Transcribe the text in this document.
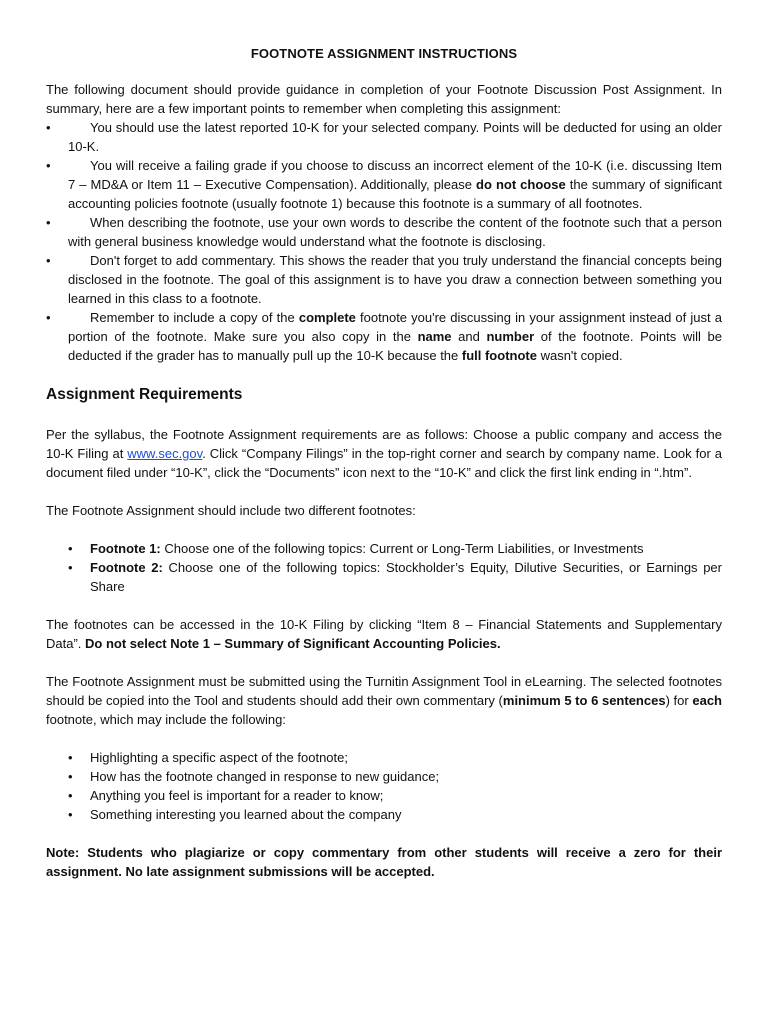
FOOTNOTE ASSIGNMENT INSTRUCTIONS

The following document should provide guidance in completion of your Footnote Discussion Post Assignment. In summary, here are a few important points to remember when completing this assignment:

•	You should use the latest reported 10-K for your selected company. Points will be deducted for using an older 10-K.
•	You will receive a failing grade if you choose to discuss an incorrect element of the 10-K (i.e. discussing Item 7 – MD&A or Item 11 – Executive Compensation). Additionally, please do not choose the summary of significant accounting policies footnote (usually footnote 1) because this footnote is a summary of all footnotes.
•	When describing the footnote, use your own words to describe the content of the footnote such that a person with general business knowledge would understand what the footnote is disclosing.
•	Don't forget to add commentary. This shows the reader that you truly understand the financial concepts being disclosed in the footnote. The goal of this assignment is to have you draw a connection between something you learned in this class to a footnote.
•	Remember to include a copy of the complete footnote you're discussing in your assignment instead of just a portion of the footnote. Make sure you also copy in the name and number of the footnote. Points will be deducted if the grader has to manually pull up the 10-K because the full footnote wasn't copied.
Assignment Requirements

Per the syllabus, the Footnote Assignment requirements are as follows: Choose a public company and access the 10-K Filing at www.sec.gov. Click “Company Filings” in the top-right corner and search by company name. Look for a document filed under “10-K”, click the “Documents” icon next to the “10-K” and click the first link ending in “.htm”.

The Footnote Assignment should include two different footnotes:

• Footnote 1: Choose one of the following topics: Current or Long-Term Liabilities, or Investments
• Footnote 2: Choose one of the following topics: Stockholder’s Equity, Dilutive Securities, or Earnings per Share

The footnotes can be accessed in the 10-K Filing by clicking “Item 8 – Financial Statements and Supplementary Data”. Do not select Note 1 – Summary of Significant Accounting Policies.

The Footnote Assignment must be submitted using the Turnitin Assignment Tool in eLearning. The selected footnotes should be copied into the Tool and students should add their own commentary (minimum 5 to 6 sentences) for each footnote, which may include the following:

• Highlighting a specific aspect of the footnote;
• How has the footnote changed in response to new guidance;
• Anything you feel is important for a reader to know;
• Something interesting you learned about the company

Note: Students who plagiarize or copy commentary from other students will receive a zero for their assignment. No late assignment submissions will be accepted.
